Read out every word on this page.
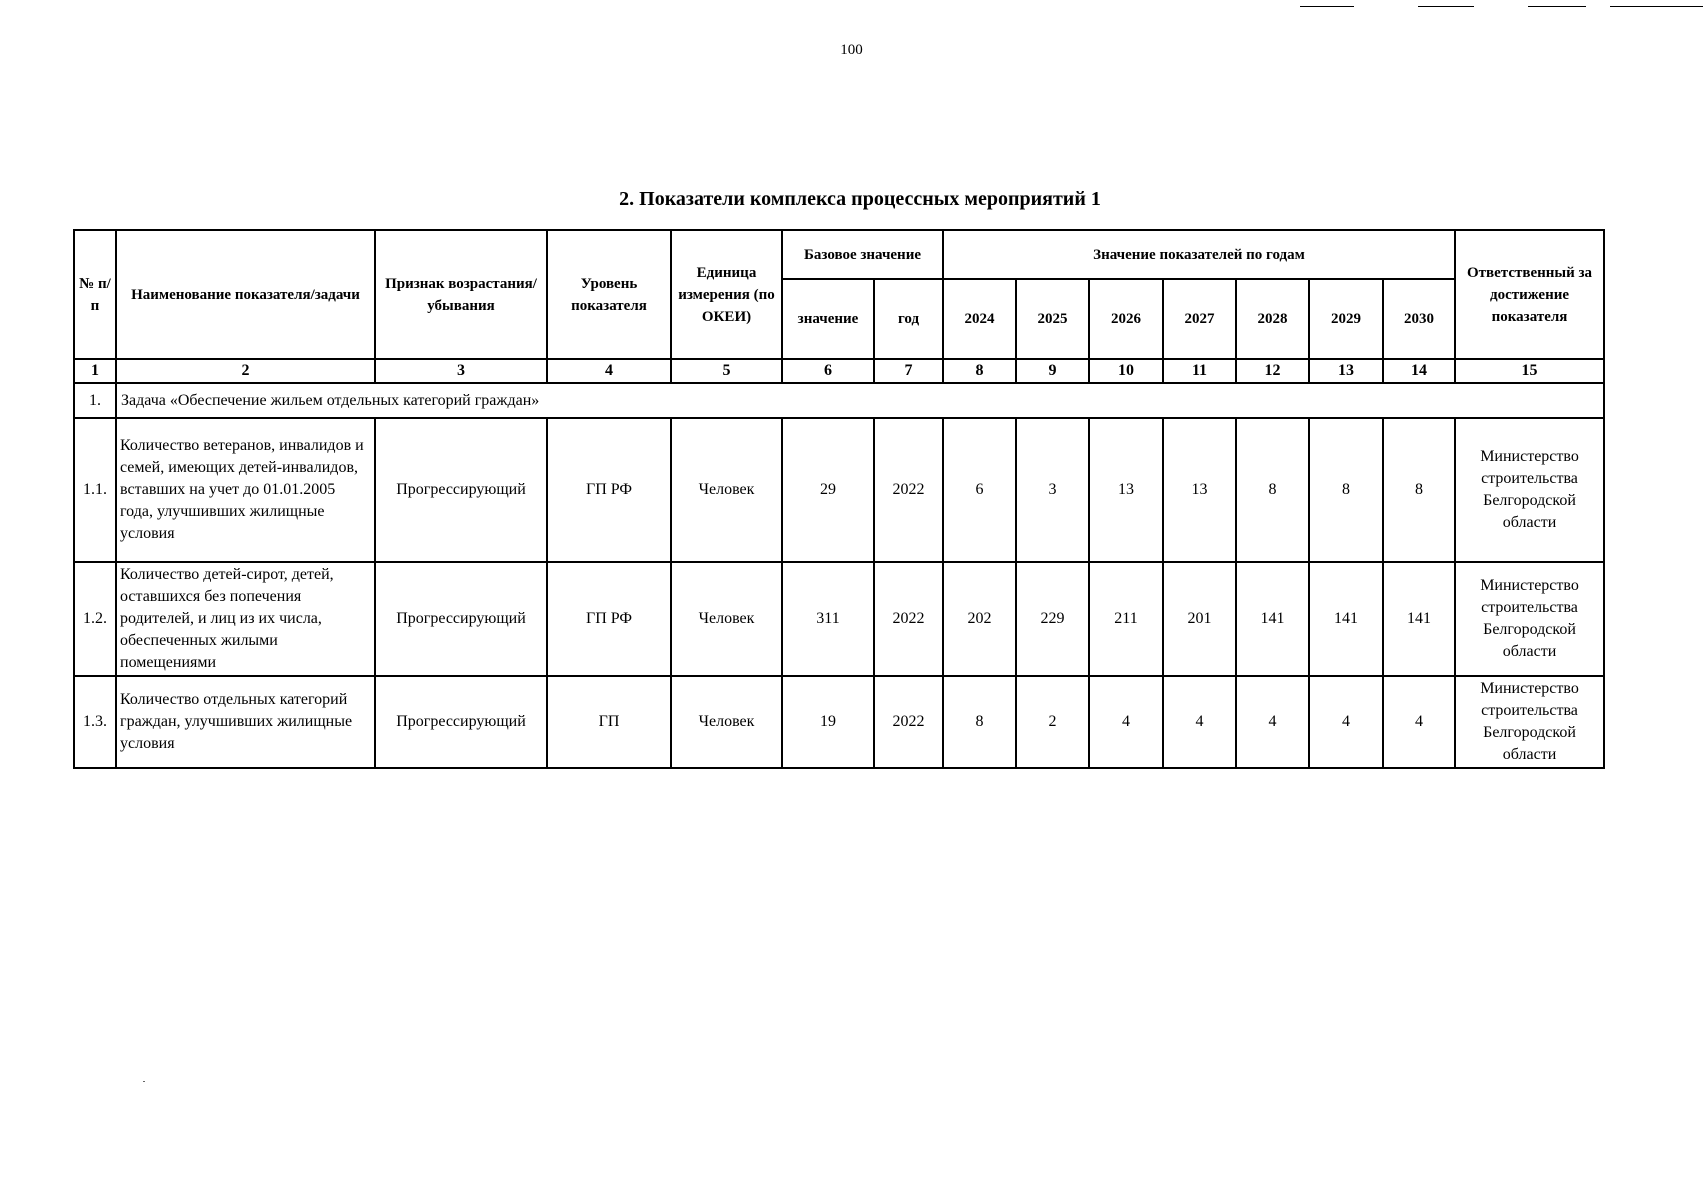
100
2. Показатели комплекса процессных мероприятий 1
№ п/п	Наименование показателя/задачи	Признак возрастания/ убывания	Уровень показателя	Единица измерения (по ОКЕИ)	Базовое значение		Значение показателей по годам							Ответственный за достижение показателя
					значение	год	2024	2025	2026	2027	2028	2029	2030	
1	2	3	4	5	6	7	8	9	10	11	12	13	14	15
1.	Задача «Обеспечение жильем отдельных категорий граждан»													
1.1.	Количество ветеранов, инвалидов и семей, имеющих детей-инвалидов, вставших на учет до 01.01.2005 года, улучшивших жилищные условия	Прогрессирующий	ГП РФ	Человек	29	2022	6	3	13	13	8	8	8	Министерство строительства Белгородской области
1.2.	Количество детей-сирот, детей, оставшихся без попечения родителей, и лиц из их числа, обеспеченных жилыми помещениями	Прогрессирующий	ГП РФ	Человек	311	2022	202	229	211	201	141	141	141	Министерство строительства Белгородской области
1.3.	Количество отдельных категорий граждан, улучшивших жилищные условия	Прогрессирующий	ГП	Человек	19	2022	8	2	4	4	4	4	4	Министерство строительства Белгородской области
